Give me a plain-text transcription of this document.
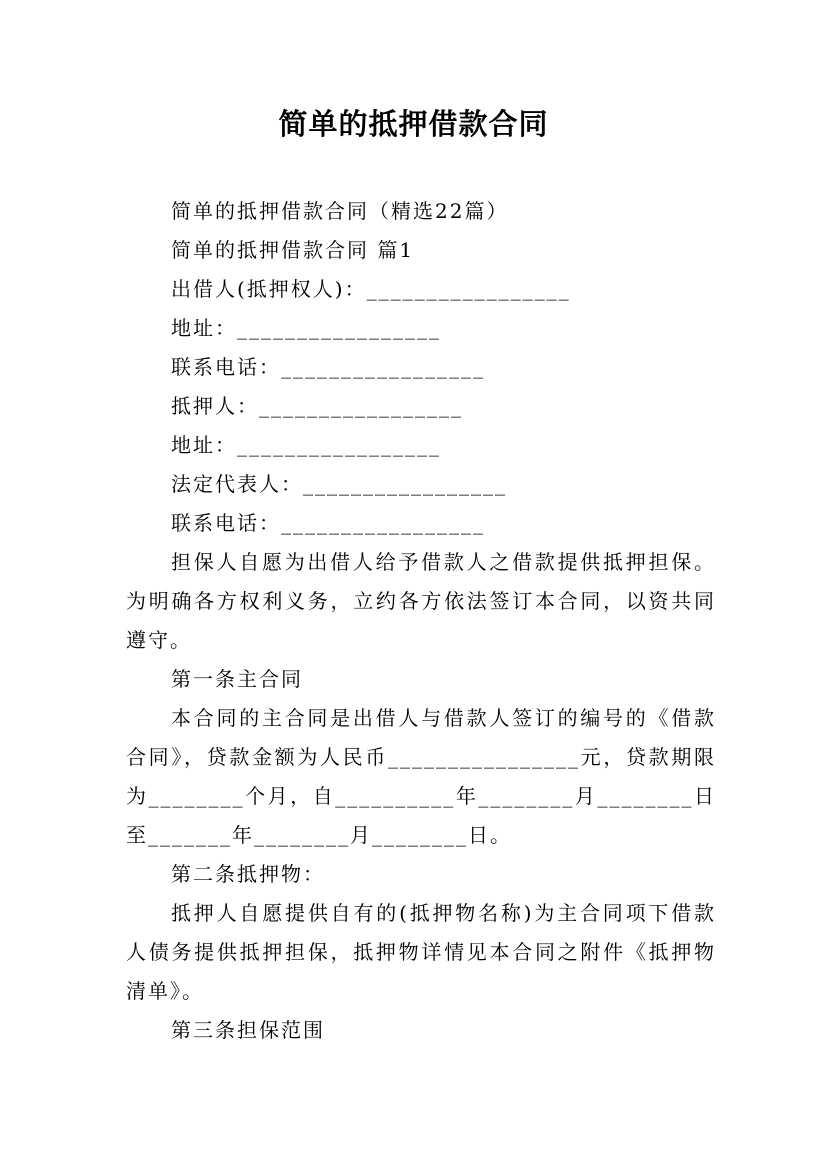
简单的抵押借款合同

简单的抵押借款合同（精选22篇）

简单的抵押借款合同 篇1

出借人(抵押权人)：_________________

地址：_________________

联系电话：_________________

抵押人：_________________

地址：_________________

法定代表人：_________________

联系电话：_________________

担保人自愿为出借人给予借款人之借款提供抵押担保。为明确各方权利义务，立约各方依法签订本合同，以资共同遵守。

第一条主合同

本合同的主合同是出借人与借款人签订的编号的《借款合同》，贷款金额为人民币________________元，贷款期限为________个月，自__________年________月________日至_______年________月________日。

第二条抵押物：

抵押人自愿提供自有的(抵押物名称)为主合同项下借款人债务提供抵押担保，抵押物详情见本合同之附件《抵押物清单》。

第三条担保范围
